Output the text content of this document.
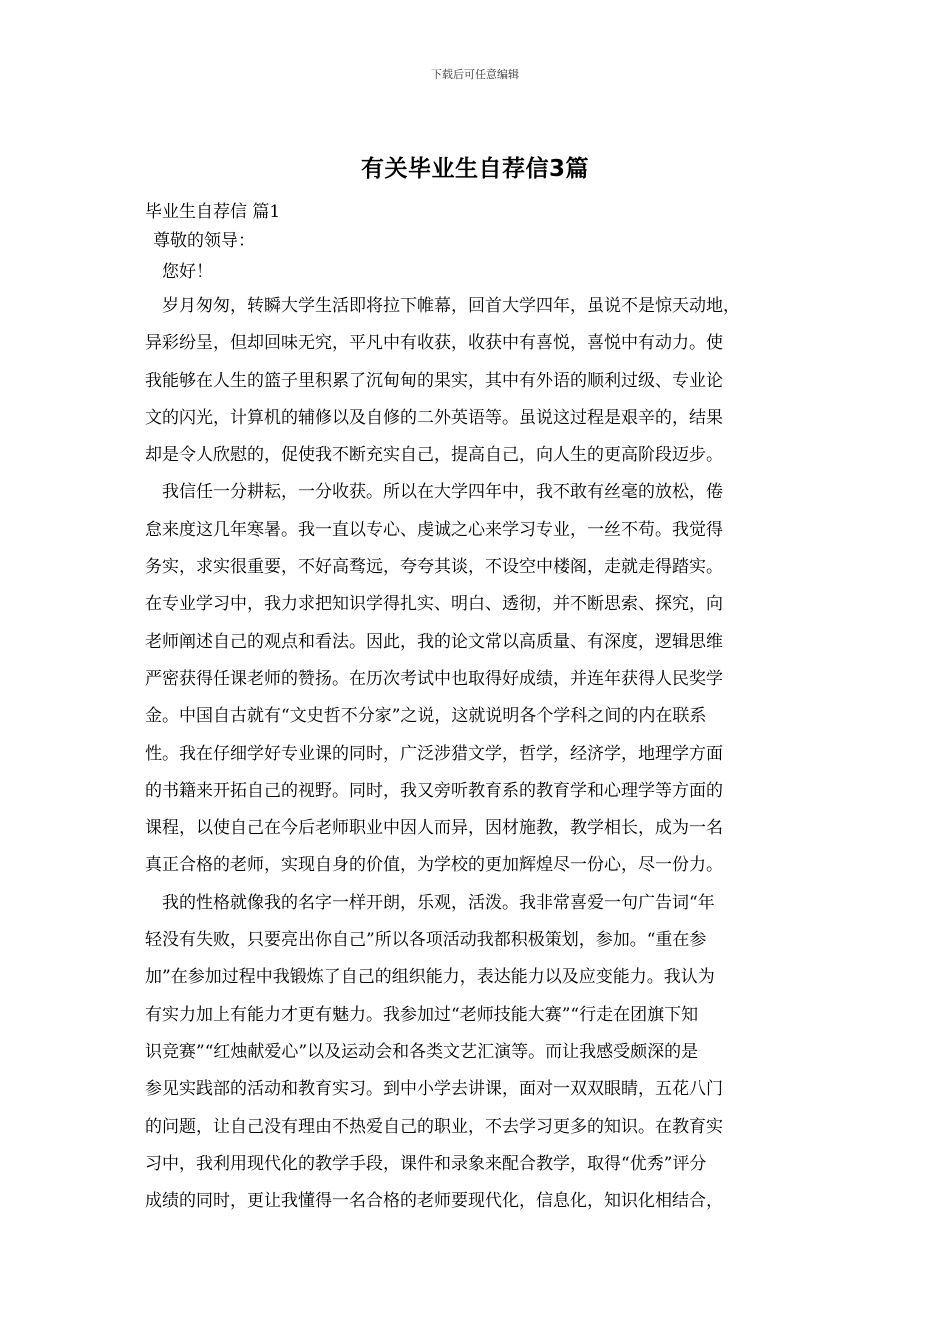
下载后可任意编辑
有关毕业生自荐信3篇
毕业生自荐信 篇1
尊敬的领导：
您好！
岁月匆匆，转瞬大学生活即将拉下帷幕，回首大学四年，虽说不是惊天动地，
异彩纷呈，但却回味无究，平凡中有收获，收获中有喜悦，喜悦中有动力。使
我能够在人生的篮子里积累了沉甸甸的果实，其中有外语的顺利过级、专业论
文的闪光，计算机的辅修以及自修的二外英语等。虽说这过程是艰辛的，结果
却是令人欣慰的，促使我不断充实自己，提高自己，向人生的更高阶段迈步。
我信任一分耕耘，一分收获。所以在大学四年中，我不敢有丝毫的放松，倦
怠来度这几年寒暑。我一直以专心、虔诚之心来学习专业，一丝不苟。我觉得
务实，求实很重要，不好高骛远，夸夸其谈，不设空中楼阁，走就走得踏实。
在专业学习中，我力求把知识学得扎实、明白、透彻，并不断思索、探究，向
老师阐述自己的观点和看法。因此，我的论文常以高质量、有深度，逻辑思维
严密获得任课老师的赞扬。在历次考试中也取得好成绩，并连年获得人民奖学
金。中国自古就有“文史哲不分家”之说，这就说明各个学科之间的内在联系
性。我在仔细学好专业课的同时，广泛涉猎文学，哲学，经济学，地理学方面
的书籍来开拓自己的视野。同时，我又旁听教育系的教育学和心理学等方面的
课程，以使自己在今后老师职业中因人而异，因材施教，教学相长，成为一名
真正合格的老师，实现自身的价值，为学校的更加辉煌尽一份心，尽一份力。
我的性格就像我的名字一样开朗，乐观，活泼。我非常喜爱一句广告词“年
轻没有失败，只要亮出你自己”所以各项活动我都积极策划，参加。“重在参
加”在参加过程中我锻炼了自己的组织能力，表达能力以及应变能力。我认为
有实力加上有能力才更有魅力。我参加过“老师技能大赛”“行走在团旗下知
识竞赛”“红烛献爱心”以及运动会和各类文艺汇演等。而让我感受颇深的是
参见实践部的活动和教育实习。到中小学去讲课，面对一双双眼睛，五花八门
的问题，让自己没有理由不热爱自己的职业，不去学习更多的知识。在教育实
习中，我利用现代化的教学手段，课件和录象来配合教学，取得“优秀”评分
成绩的同时，更让我懂得一名合格的老师要现代化，信息化，知识化相结合，
